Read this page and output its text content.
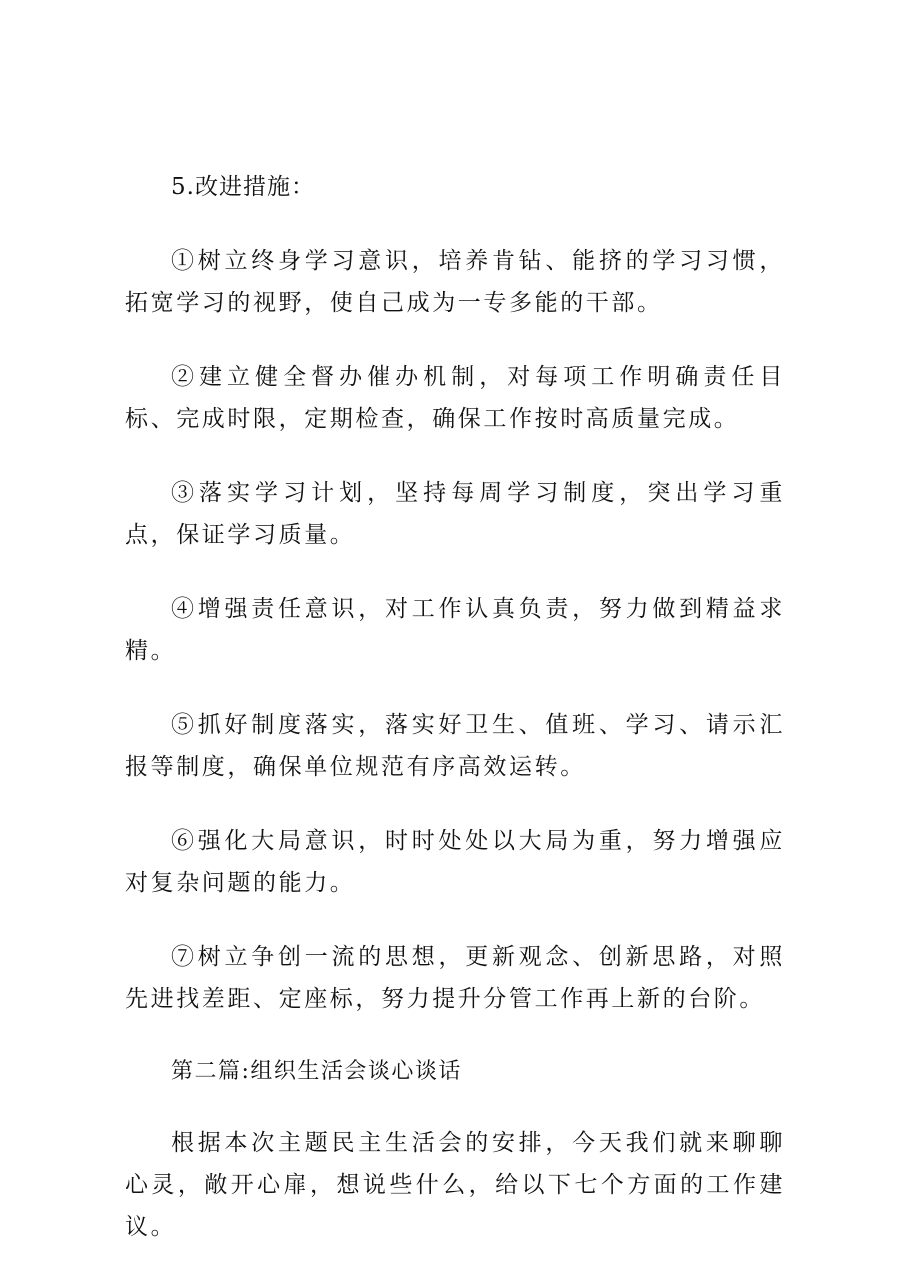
5.改进措施：

①树立终身学习意识，培养肯钻、能挤的学习习惯，拓宽学习的视野，使自己成为一专多能的干部。

②建立健全督办催办机制，对每项工作明确责任目标、完成时限，定期检查，确保工作按时高质量完成。

③落实学习计划，坚持每周学习制度，突出学习重点，保证学习质量。

④增强责任意识，对工作认真负责，努力做到精益求精。

⑤抓好制度落实，落实好卫生、值班、学习、请示汇报等制度，确保单位规范有序高效运转。

⑥强化大局意识，时时处处以大局为重，努力增强应对复杂问题的能力。

⑦树立争创一流的思想，更新观念、创新思路，对照先进找差距、定座标，努力提升分管工作再上新的台阶。

第二篇:组织生活会谈心谈话

根据本次主题民主生活会的安排，今天我们就来聊聊心灵，敞开心扉，想说些什么，给以下七个方面的工作建议。
